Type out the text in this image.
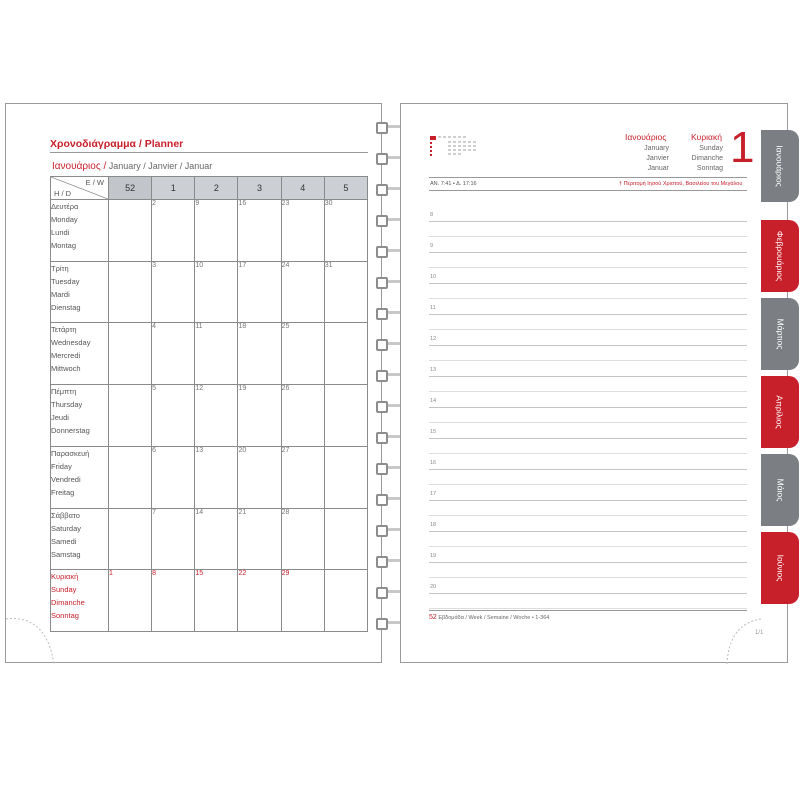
Χρονοδιάγραμμα / Planner
Ιανουάριος / January / Janvier / Januar
E / W
H / D	52	1	2	3	4	5

Δευτέρα
Monday
Lundi
Montag		2	9	16	23	30

Τρίτη
Tuesday
Mardi
Dienstag		3	10	17	24	31

Τετάρτη
Wednesday
Mercredi
Mittwoch		4	11	18	25	

Πέμπτη
Thursday
Jeudi
Donnerstag		5	12	19	26	

Παρασκευή
Friday
Vendredi
Freitag		6	13	20	27	

Σάββατο
Saturday
Samedi
Samstag		7	14	21	28	

Κυριακή
Sunday
Dimanche
Sonntag	1	8	15	22	29	
Ιανουάριος
January
Janvier
Januar
Κυριακή
Sunday
Dimanche
Sonntag 1
ΑΝ. 7:41 • Δ. 17:16	† Περιτομή Ιησού Χριστού, Βασιλείου του Μεγάλου
8
9
10
11
12
13
14
15
16
17
18
19
20
52 Εβδομάδα / Week / Semaine / Woche • 1-364
1/1
Ιανουάριος
Φεβρουάριος
Μάρτιος
Απρίλιος
Μάιος
Ιούνιος
